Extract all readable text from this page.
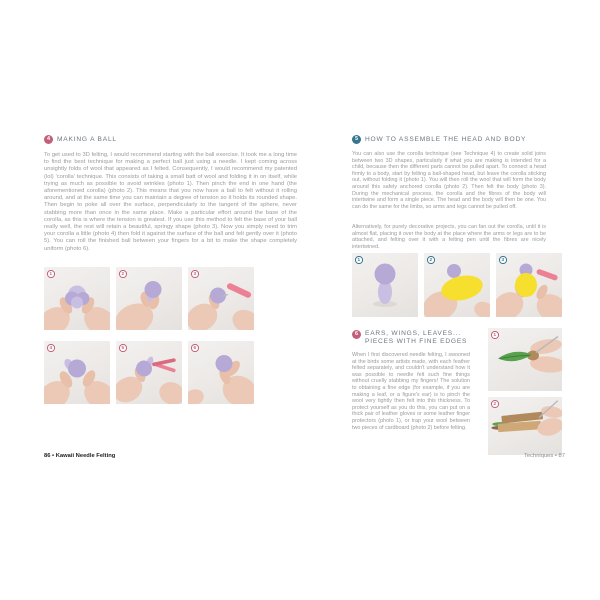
4	MAKING A BALL

To get used to 3D felting, I would recommend starting with the ball exercise. It took me a long time to find the best technique for making a perfect ball just using a needle. I kept coming across unsightly folds of wool that appeared as I felted. Consequently, I would recommend my patented (lol) 'corolla' technique. This consists of taking a small batt of wool and folding it in on itself, while trying as much as possible to avoid wrinkles (photo 1). Then pinch the end in one hand (the aforementioned corolla) (photo 2). This means that you now have a ball to felt without it rolling around, and at the same time you can maintain a degree of tension so it holds its rounded shape. Then begin to poke all over the surface, perpendicularly to the tangent of the sphere, never stabbing more than once in the same place. Make a particular effort around the base of the corolla, as this is where the tension is greatest. If you use this method to felt the base of your ball really well, the rest will retain a beautiful, springy shape (photo 3). Now you simply need to trim your corolla a little (photo 4) then fold it against the surface of the ball and felt gently over it (photo 5). You can roll the finished ball between your fingers for a bit to make the shape completely uniform (photo 6).

1	2	3
4	5	6
86 • Kawaii Needle Felting
5	HOW TO ASSEMBLE THE HEAD AND BODY

You can also use the corolla technique (see Technique 4) to create solid joins between two 3D shapes, particularly if what you are making is intended for a child, because then the different parts cannot be pulled apart. To connect a head firmly to a body, start by felting a ball-shaped head, but leave the corolla sticking out, without folding it (photo 1). You will then roll the wool that will form the body around this safely anchored corolla (photo 2). Then felt the body (photo 3). During the mechanical process, the corolla and the fibres of the body will intertwine and form a single piece. The head and the body will then be one. You can do the same for the limbs, so arms and legs cannot be pulled off.

Alternatively, for purely decorative projects, you can fan out the corolla, until it is almost flat, placing it over the body at the place where the arms or legs are to be attached, and felting over it with a felting pen until the fibres are nicely intertwined.

1	2	3
6	EARS, WINGS, LEAVES...
PIECES WITH FINE EDGES

When I first discovered needle felting, I swooned at the birds some artists made, with each feather felted separately, and couldn't understand how it was possible to needle felt such fine things without cruelly stabbing my fingers! The solution to obtaining a fine edge (for example, if you are making a leaf, or a figure's ear) is to pinch the wool very tightly then felt into this thickness. To protect yourself as you do this, you can put on a thick pair of leather gloves or some leather finger protectors (photo 1), or trap your wool between two pieces of cardboard (photo 2) before felting.

1
2
Techniques • 87
